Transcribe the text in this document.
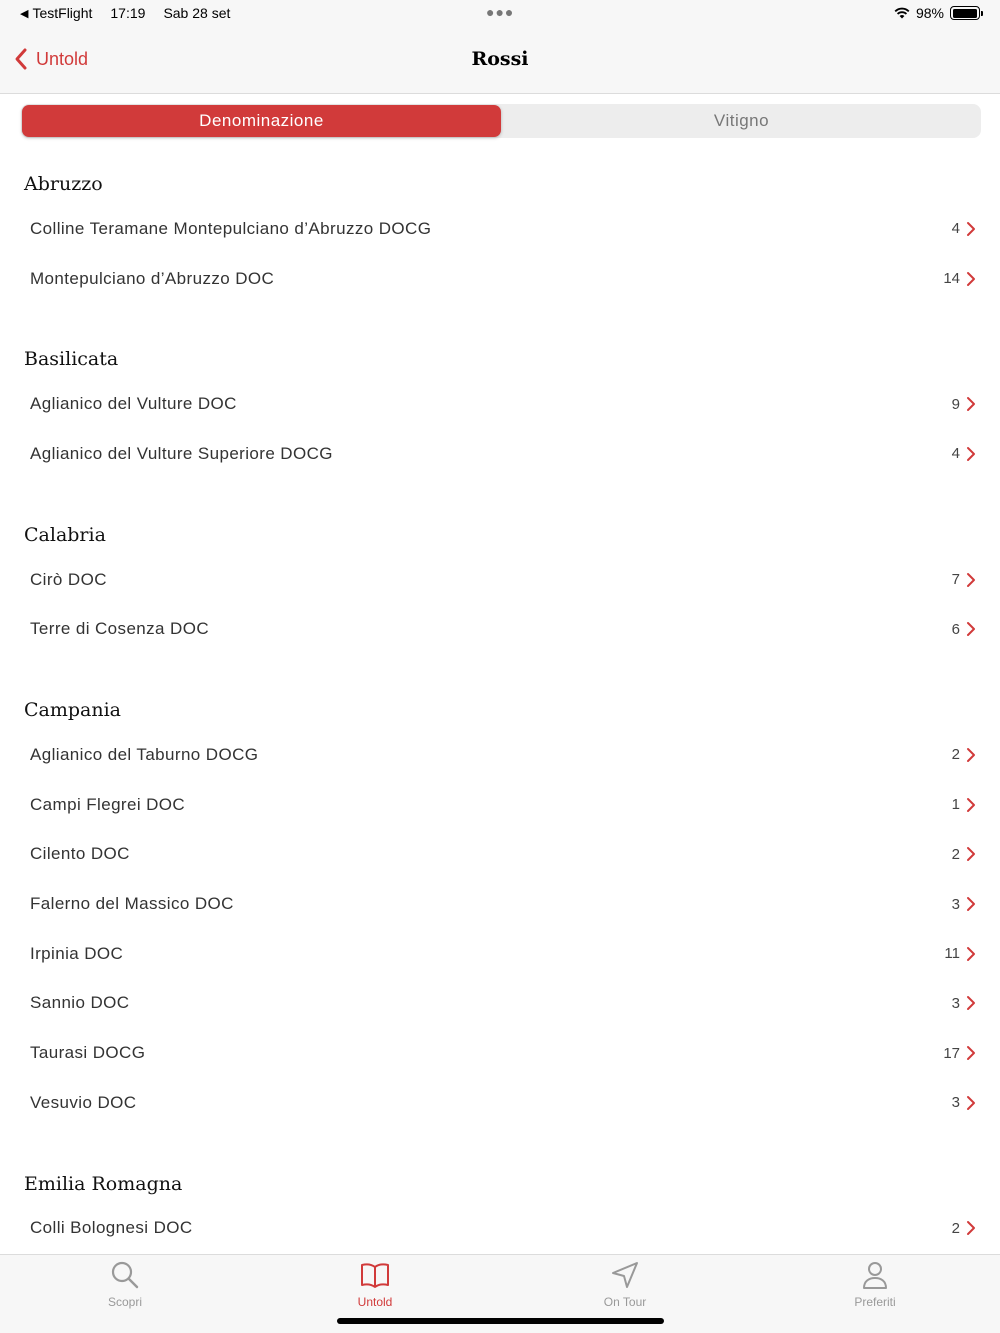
◀ TestFlight 17:19 Sab 28 set	●●●	98%
Untold	Rossi
Denominazione	Vitigno
Abruzzo
Colline Teramane Montepulciano d’Abruzzo DOCG	4
Montepulciano d’Abruzzo DOC	14
Basilicata
Aglianico del Vulture DOC	9
Aglianico del Vulture Superiore DOCG	4
Calabria
Cirò DOC	7
Terre di Cosenza DOC	6
Campania
Aglianico del Taburno DOCG	2
Campi Flegrei DOC	1
Cilento DOC	2
Falerno del Massico DOC	3
Irpinia DOC	11
Sannio DOC	3
Taurasi DOCG	17
Vesuvio DOC	3
Emilia Romagna
Colli Bolognesi DOC	2
Scopri	Untold	On Tour	Preferiti
